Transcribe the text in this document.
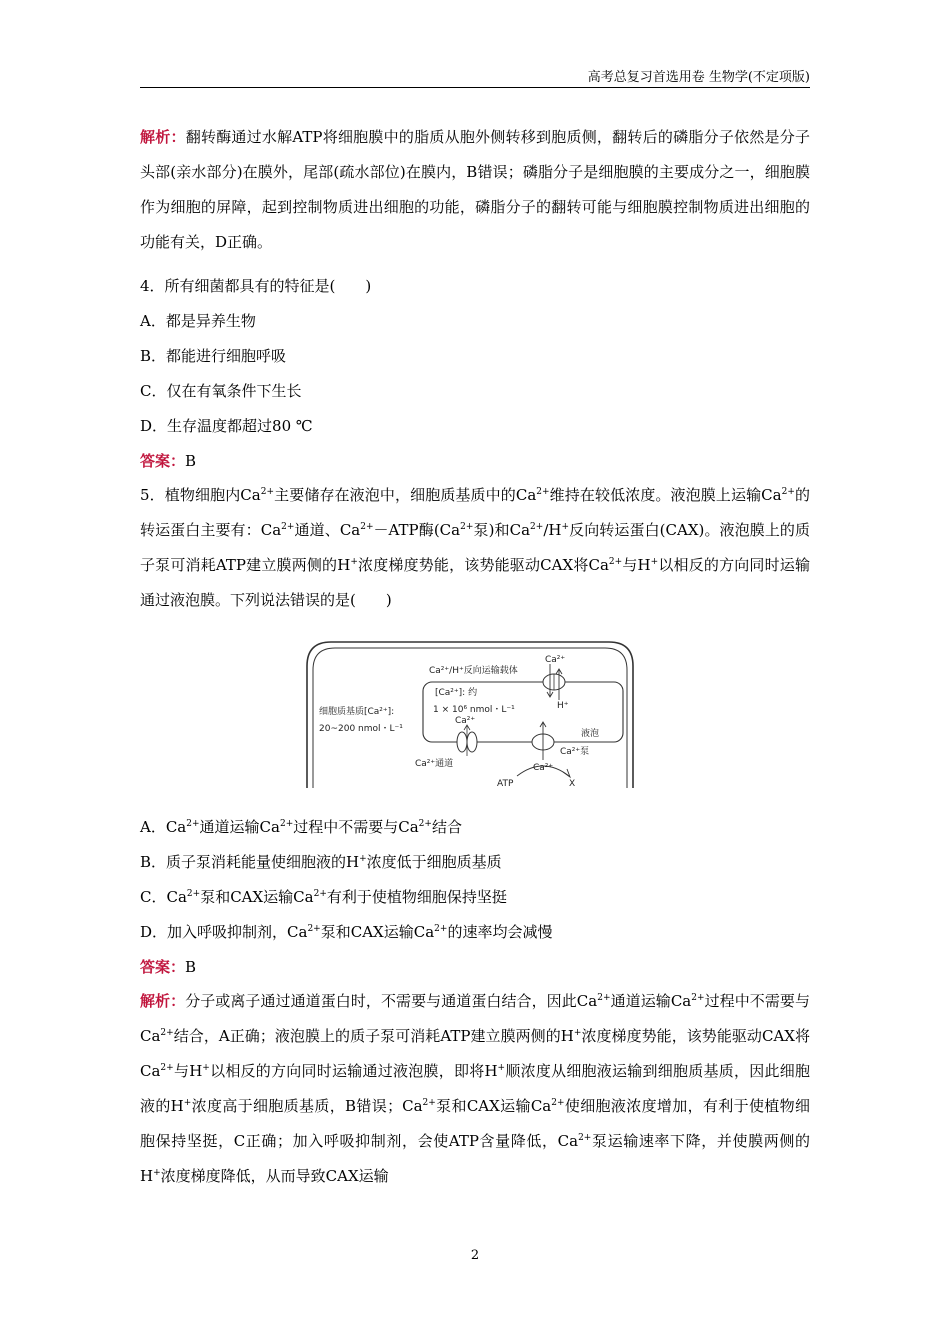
高考总复习首选用卷 生物学(不定项版)
解析：翻转酶通过水解ATP将细胞膜中的脂质从胞外侧转移到胞质侧，翻转后的磷脂分子依然是分子头部(亲水部分)在膜外，尾部(疏水部位)在膜内，B错误；磷脂分子是细胞膜的主要成分之一，细胞膜作为细胞的屏障，起到控制物质进出细胞的功能，磷脂分子的翻转可能与细胞膜控制物质进出细胞的功能有关，D正确。
4．所有细菌都具有的特征是(　　)
A．都是异养生物
B．都能进行细胞呼吸
C．仅在有氧条件下生长
D．生存温度都超过80 ℃
答案：B
5．植物细胞内$Ca^{2+}$主要储存在液泡中，细胞质基质中的$Ca^{2+}$维持在较低浓度。液泡膜上运输$Ca^{2+}$的转运蛋白主要有：$Ca^{2+}$通道、$Ca^{2+}-ATP$酶($Ca^{2+}$泵)和$Ca^{2+}/H^+$反向转运蛋白(CAX)。液泡膜上的质子泵可消耗ATP建立膜两侧的H+浓度梯度势能，该势能驱动CAX将$Ca^{2+}$与H+以相反的方向同时运输通过液泡膜。下列说法错误的是(　　)
Ca²⁺/H⁺反向运输载体
Ca²⁺
[Ca²⁺]: 约
1 × 10⁶ nmol・L⁻¹	H⁺
细胞质基质[Ca²⁺]:
20~200 nmol・L⁻¹
Ca²⁺
液泡
Ca²⁺泵
Ca²⁺通道	Ca²⁺
ATP	X
A．$Ca^{2+}$通道运输$Ca^{2+}$过程中不需要与$Ca^{2+}$结合
B．质子泵消耗能量使细胞液的H+浓度低于细胞质基质
C．$Ca^{2+}$泵和CAX运输$Ca^{2+}$有利于使植物细胞保持坚挺
D．加入呼吸抑制剂，$Ca^{2+}$泵和CAX运输$Ca^{2+}$的速率均会减慢
答案：B
解析：分子或离子通过通道蛋白时，不需要与通道蛋白结合，因此$Ca^{2+}$通道运输$Ca^{2+}$过程中不需要与$Ca^{2+}$结合，A正确；液泡膜上的质子泵可消耗ATP建立膜两侧的H+浓度梯度势能，该势能驱动CAX将$Ca^{2+}$与H+以相反的方向同时运输通过液泡膜，即将H+顺浓度从细胞液运输到细胞质基质，因此细胞液的H+浓度高于细胞质基质，B错误；$Ca^{2+}$泵和CAX运输$Ca^{2+}$使细胞液浓度增加，有利于使植物细胞保持坚挺，C正确；加入呼吸抑制剂，会使ATP含量降低，$Ca^{2+}$泵运输速率下降，并使膜两侧的H+浓度梯度降低，从而导致CAX运输
2
